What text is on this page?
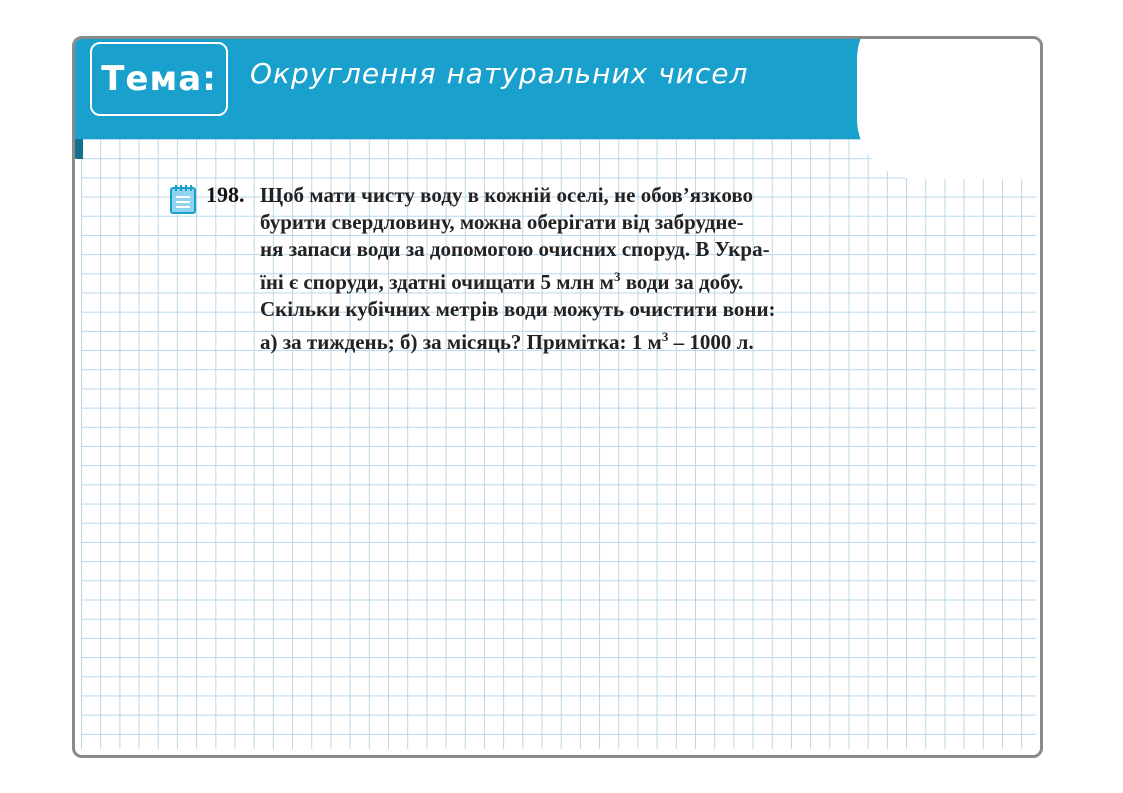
Тема: Округлення натуральних чисел
198. Щоб мати чисту воду в кожній оселі, не обов’язково
бурити свердловину, можна оберігати від забрудне-
ня запаси води за допомогою очисних споруд. В Укра-
їні є споруди, здатні очищати 5 млн $м^3$ води за добу.
Скільки кубічних метрів води можуть очистити вони:
а) за тиждень; б) за місяць? Примітка: 1 $м^3 - 1000$ л.
